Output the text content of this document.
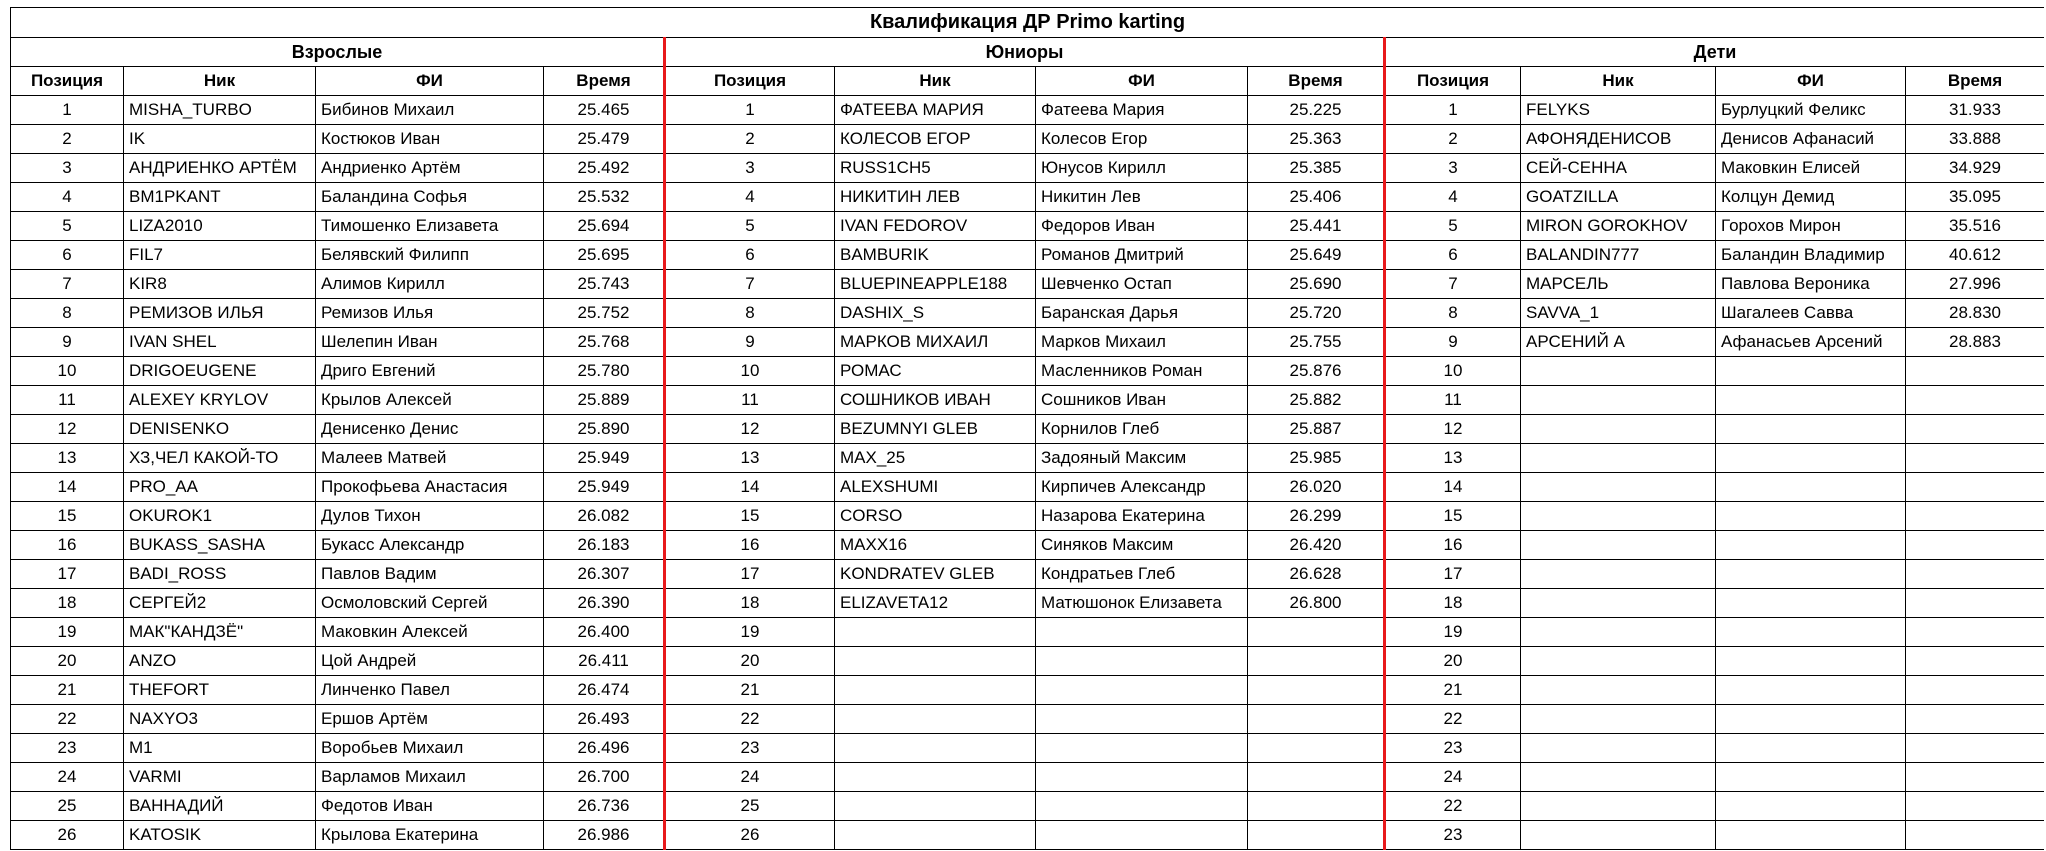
Квалификация ДР Primo karting											
Взрослые				Юниоры				Дети			
Позиция	Ник	ФИ	Время	Позиция	Ник	ФИ	Время	Позиция	Ник	ФИ	Время
1	MISHA_TURBO	Бибинов Михаил	25.465	1	ФАТЕЕВА МАРИЯ	Фатеева Мария	25.225	1	FELYKS	Бурлуцкий Феликс	31.933
2	IK	Костюков Иван	25.479	2	КОЛЕСОВ ЕГОР	Колесов Егор	25.363	2	АФОНЯДЕНИСОВ	Денисов Афанасий	33.888
3	АНДРИЕНКО АРТЁМ	Андриенко Артём	25.492	3	RUSS1CH5	Юнусов Кирилл	25.385	3	СЕЙ-СЕННА	Маковкин Елисей	34.929
4	BM1PKANT	Баландина Софья	25.532	4	НИКИТИН ЛЕВ	Никитин Лев	25.406	4	GOATZILLA	Колцун Демид	35.095
5	LIZA2010	Тимошенко Елизавета	25.694	5	IVAN FEDOROV	Федоров Иван	25.441	5	MIRON GOROKHOV	Горохов Мирон	35.516
6	FIL7	Белявский Филипп	25.695	6	BAMBURIK	Романов Дмитрий	25.649	6	BALANDIN777	Баландин Владимир	40.612
7	KIR8	Алимов Кирилл	25.743	7	BLUEPINEAPPLE188	Шевченко Остап	25.690	7	МАРСЕЛЬ	Павлова Вероника	27.996
8	РЕМИЗОВ ИЛЬЯ	Ремизов Илья	25.752	8	DASHIX_S	Баранская Дарья	25.720	8	SAVVA_1	Шагалеев Савва	28.830
9	IVAN SHEL	Шелепин Иван	25.768	9	МАРКОВ МИХАИЛ	Марков Михаил	25.755	9	АРСЕНИЙ А	Афанасьев Арсений	28.883
10	DRIGOEUGENE	Дриго Евгений	25.780	10	РОМАС	Масленников Роман	25.876	10			
11	ALEXEY KRYLOV	Крылов Алексей	25.889	11	СОШНИКОВ ИВАН	Сошников Иван	25.882	11			
12	DENISENKO	Денисенко Денис	25.890	12	BEZUMNYI GLEB	Корнилов Глеб	25.887	12			
13	ХЗ,ЧЕЛ КАКОЙ-ТО	Малеев Матвей	25.949	13	MAX_25	Задояный Максим	25.985	13			
14	PRO_AA	Прокофьева Анастасия	25.949	14	ALEXSHUMI	Кирпичев Александр	26.020	14			
15	OKUROK1	Дулов Тихон	26.082	15	CORSO	Назарова Екатерина	26.299	15			
16	BUKASS_SASHA	Букасс Александр	26.183	16	MAXX16	Синяков Максим	26.420	16			
17	BADI_ROSS	Павлов Вадим	26.307	17	KONDRATEV GLEB	Кондратьев Глеб	26.628	17			
18	СЕРГЕЙ2	Осмоловский Сергей	26.390	18	ELIZAVETA12	Матюшонок Елизавета	26.800	18			
19	МАК"КАНДЗЁ"	Маковкин Алексей	26.400	19				19			
20	ANZO	Цой Андрей	26.411	20				20			
21	THEFORT	Линченко Павел	26.474	21				21			
22	NAXYO3	Ершов Артём	26.493	22				22			
23	M1	Воробьев Михаил	26.496	23				23			
24	VARMI	Варламов Михаил	26.700	24				24			
25	ВАННАДИЙ	Федотов Иван	26.736	25				22			
26	KATOSIK	Крылова Екатерина	26.986	26				23			
